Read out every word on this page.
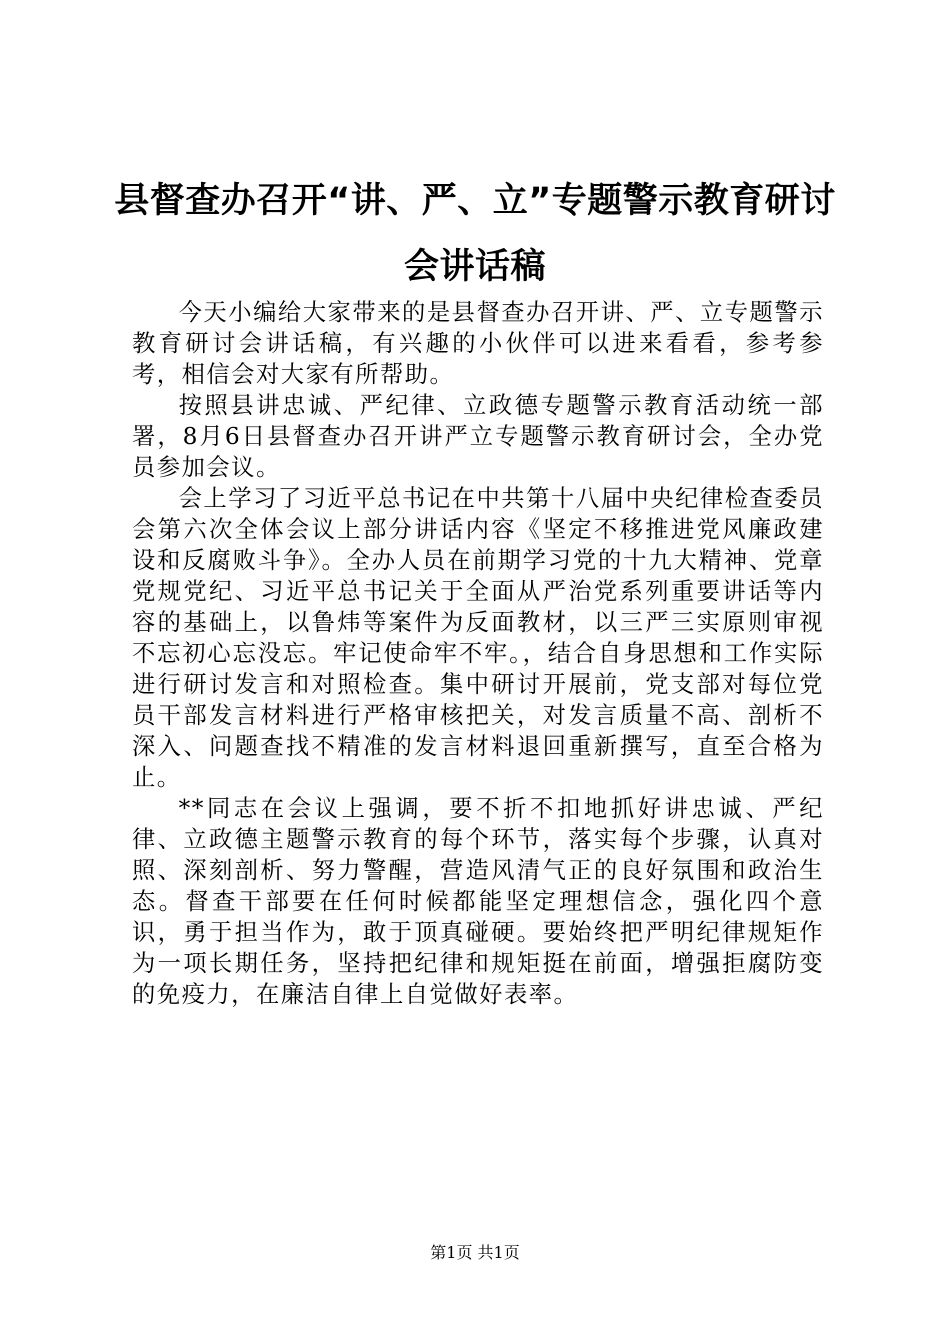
县督查办召开“讲、严、立”专题警示教育研讨会讲话稿

今天小编给大家带来的是县督查办召开讲、严、立专题警示教育研讨会讲话稿，有兴趣的小伙伴可以进来看看，参考参考，相信会对大家有所帮助。

按照县讲忠诚、严纪律、立政德专题警示教育活动统一部署，8月6日县督查办召开讲严立专题警示教育研讨会，全办党员参加会议。

会上学习了习近平总书记在中共第十八届中央纪律检查委员会第六次全体会议上部分讲话内容《坚定不移推进党风廉政建设和反腐败斗争》。全办人员在前期学习党的十九大精神、党章党规党纪、习近平总书记关于全面从严治党系列重要讲话等内容的基础上，以鲁炜等案件为反面教材，以三严三实原则审视不忘初心忘没忘。牢记使命牢不牢。，结合自身思想和工作实际进行研讨发言和对照检查。集中研讨开展前，党支部对每位党员干部发言材料进行严格审核把关，对发言质量不高、剖析不深入、问题查找不精准的发言材料退回重新撰写，直至合格为止。

**同志在会议上强调，要不折不扣地抓好讲忠诚、严纪律、立政德主题警示教育的每个环节，落实每个步骤，认真对照、深刻剖析、努力警醒，营造风清气正的良好氛围和政治生态。督查干部要在任何时候都能坚定理想信念，强化四个意识，勇于担当作为，敢于顶真碰硬。要始终把严明纪律规矩作为一项长期任务，坚持把纪律和规矩挺在前面，增强拒腐防变的免疫力，在廉洁自律上自觉做好表率。

第1页 共1页
